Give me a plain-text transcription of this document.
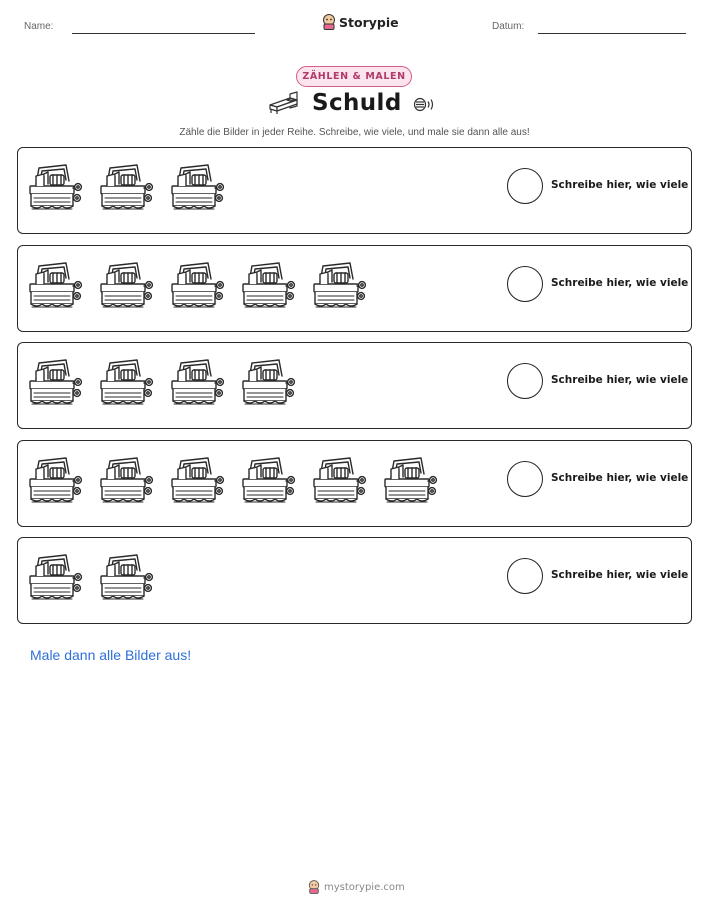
Name:	Storypie	Datum:
ZÄHLEN & MALEN
Schuld
Zähle die Bilder in jeder Reihe. Schreibe, wie viele, und male sie dann alle aus!
Schreibe hier, wie viele
Schreibe hier, wie viele
Schreibe hier, wie viele
Schreibe hier, wie viele
Schreibe hier, wie viele
Male dann alle Bilder aus!
mystorypie.com
